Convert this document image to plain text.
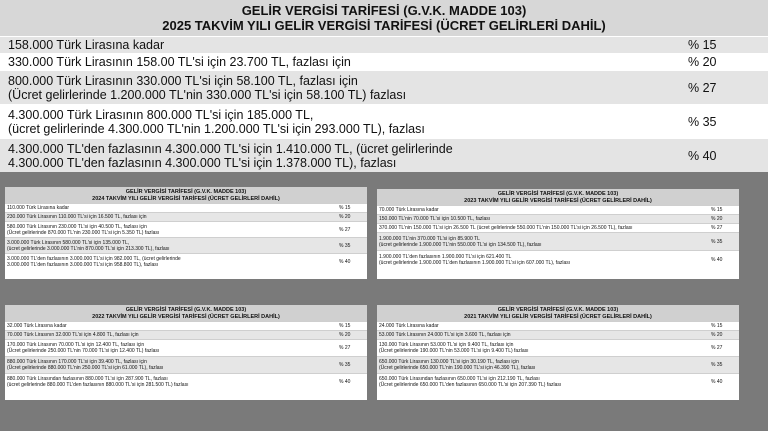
GELİR VERGİSİ TARİFESİ (G.V.K. MADDE 103)
2025 TAKVİM YILI GELİR VERGİSİ TARİFESİ (ÜCRET GELİRLERİ DAHİL)
158.000 Türk Lirasına kadar	% 15
330.000 Türk Lirasının 158.00 TL'si için 23.700 TL, fazlası için	% 20
800.000 Türk Lirasının 330.000 TL'si için 58.100 TL, fazlası için
(Ücret gelirlerinde 1.200.000 TL'nin 330.000 TL'si için 58.100 TL) fazlası	% 27
4.300.000 Türk Lirasının 800.000 TL'si için 185.000 TL,
(ücret gelirlerinde 4.300.000 TL'nin 1.200.000 TL'si için 293.000 TL), fazlası	% 35
4.300.000 TL'den fazlasının 4.300.000 TL'si için 1.410.000 TL, (ücret gelirlerinde
4.300.000 TL'den fazlasının 4.300.000 TL'si için 1.378.000 TL), fazlası	% 40
GELİR VERGİSİ TARİFESİ (G.V.K. MADDE 103)
2024 TAKVİM YILI GELİR VERGİSİ TARİFESİ (ÜCRET GELİRLERİ DAHİL)
110.000 Türk Lirasına kadar	% 15
230.000 Türk Lirasının 110.000 TL'si için 16.500 TL, fazlası için	% 20
580.000 Türk Lirasının 230.000 TL'si için 40.500 TL, fazlası için
(Ücret gelirlerinde 870.000 TL'nin 230.000 TL'si için 5.350 TL) fazlası	% 27
3.000.000 Türk Lirasının 580.000 TL'si için 135.000 TL,
(ücret gelirlerinde 3.000.000 TL'nin 870.000 TL'si için 213.300 TL), fazlası	% 35
3.000.000 TL'den fazlasının 3.000.000 TL'si için 982.000 TL, (ücret gelirlerinde
3.000.000 TL'den fazlasının 3.000.000 TL'si için 958.800 TL), fazlası	% 40
GELİR VERGİSİ TARİFESİ (G.V.K. MADDE 103)
2023 TAKVİM YILI GELİR VERGİSİ TARİFESİ (ÜCRET GELİRLERİ DAHİL)
70.000 Türk Lirasına kadar	% 15
150.000 TL'nin 70.000 TL'si için 10.500 TL, fazlası	% 20
370.000 TL'nin 150.000 TL'si için 26.500 TL (ücret gelirlerinde 550.000 TL'nin 150.000 TL'si için 26.500 TL), fazlası	% 27
1.900.000 TL'nin 370.000 TL'si için 85.900 TL
(ücret gelirlerinde 1.900.000 TL'nin 550.000 TL'si için 134.500 TL), fazlası	% 35
1.900.000 TL'den fazlasının 1.900.000 TL'si için 621.400 TL
(ücret gelirlerinde 1.900.000 TL'den fazlasının 1.900.000 TL'si için 607.000 TL), fazlası	% 40
GELİR VERGİSİ TARİFESİ (G.V.K. MADDE 103)
2022 TAKVİM YILI GELİR VERGİSİ TARİFESİ (ÜCRET GELİRLERİ DAHİL)
32.000 Türk Lirasına kadar	% 15
70.000 Türk Lirasının 32.000 TL'si için 4.800 TL, fazlası için	% 20
170.000 Türk Lirasının 70.000 TL'si için 12.400 TL, fazlası için
(Ücret gelirlerinde 250.000 TL'nin 70.000 TL'si için 12.400 TL) fazlası	% 27
880.000 Türk Lirasının 170.000 TL'si için 39.400 TL, fazlası için
(Ücret gelirlerinde 880.000 TL'nin 250.000 TL'si için 61.000 TL), fazlası	% 35
880.000 Türk Lirasından fazlasının 880.000 TL'si için 287.900 TL, fazlası
(ücret gelirlerinde 880.000 TL'den fazlasının 880.000 TL'si için 281.500 TL) fazlası	% 40
GELİR VERGİSİ TARİFESİ (G.V.K. MADDE 103)
2021 TAKVİM YILI GELİR VERGİSİ TARİFESİ (ÜCRET GELİRLERİ DAHİL)
24.000 Türk Lirasına kadar	% 15
53.000 Türk Lirasının 24.000 TL'si için 3.600 TL, fazlası için	% 20
130.000 Türk Lirasının 53.000 TL'si için 9.400 TL, fazlası için
(Ücret gelirlerinde 190.000 TL'nin 53.000 TL'si için 9.400 TL) fazlası	% 27
650.000 Türk Lirasının 130.000 TL'si için 30.190 TL, fazlası için
(Ücret gelirlerinde 650.000 TL'nin 190.000 TL'si için 46.390 TL), fazlası	% 35
650.000 Türk Lirasından fazlasının 650.000 TL'si için 212.190 TL, fazlası
(Ücret gelirlerinde 650.000 TL'den fazlasının 650.000 TL'si için 207.390 TL) fazlası	% 40
